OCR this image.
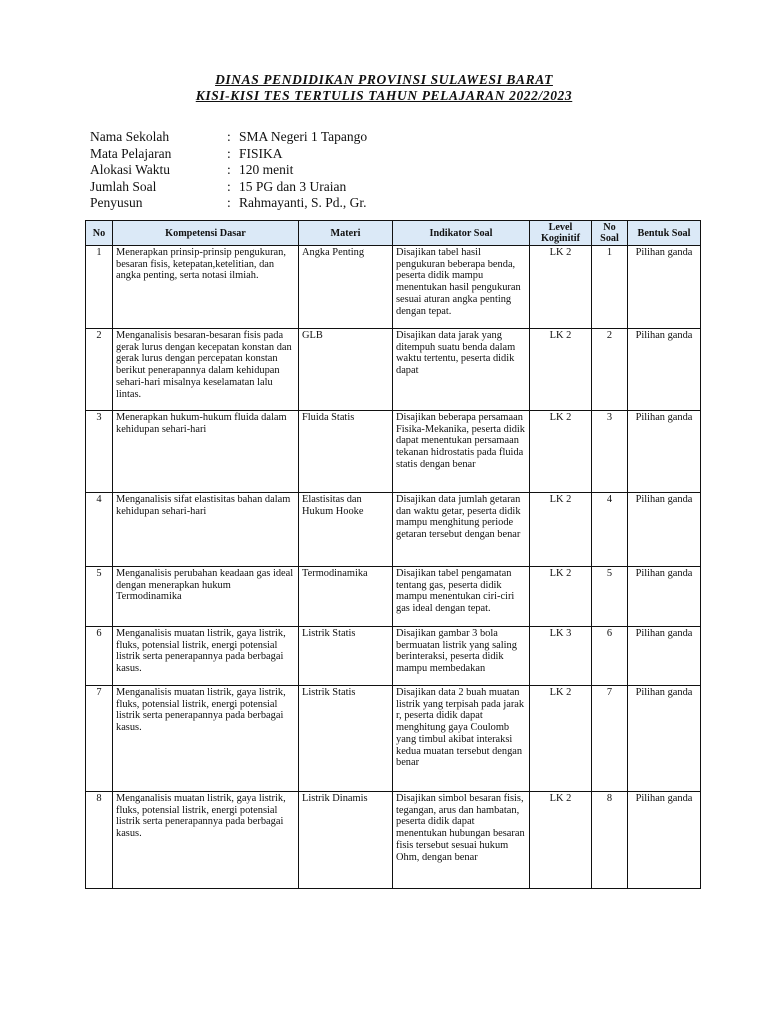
DINAS PENDIDIKAN PROVINSI SULAWESI BARAT
KISI-KISI TES TERTULIS TAHUN PELAJARAN 2022/2023
Nama Sekolah	: SMA Negeri 1 Tapango
Mata Pelajaran	: FISIKA
Alokasi Waktu	: 120 menit
Jumlah Soal	: 15 PG dan 3 Uraian
Penyusun	: Rahmayanti, S. Pd., Gr.
No	Kompetensi Dasar	Materi	Indikator Soal	Level Koginitif	No Soal	Bentuk Soal
1	Menerapkan prinsip-prinsip pengukuran, besaran fisis, ketepatan,ketelitian, dan angka penting, serta notasi ilmiah.	Angka Penting	Disajikan tabel hasil pengukuran beberapa benda, peserta didik mampu menentukan hasil pengukuran sesuai aturan angka penting dengan tepat.	LK 2	1	Pilihan ganda
2	Menganalisis besaran-besaran fisis pada gerak lurus dengan kecepatan konstan dan gerak lurus dengan percepatan konstan berikut penerapannya dalam kehidupan sehari-hari misalnya keselamatan lalu lintas.	GLB	Disajikan data jarak yang ditempuh suatu benda dalam waktu tertentu, peserta didik dapat	LK 2	2	Pilihan ganda
3	Menerapkan hukum-hukum fluida dalam kehidupan sehari-hari	Fluida Statis	Disajikan beberapa persamaan Fisika-Mekanika, peserta didik dapat menentukan persamaan tekanan hidrostatis pada fluida statis dengan benar	LK 2	3	Pilihan ganda
4	Menganalisis sifat elastisitas bahan dalam kehidupan sehari-hari	Elastisitas dan Hukum Hooke	Disajikan data jumlah getaran dan waktu getar, peserta didik mampu menghitung periode getaran tersebut dengan benar	LK 2	4	Pilihan ganda
5	Menganalisis perubahan keadaan gas ideal dengan menerapkan hukum Termodinamika	Termodinamika	Disajikan tabel pengamatan tentang gas, peserta didik mampu menentukan ciri-ciri gas ideal dengan tepat.	LK 2	5	Pilihan ganda
6	Menganalisis muatan listrik, gaya listrik, fluks, potensial listrik, energi potensial listrik serta penerapannya pada berbagai kasus.	Listrik Statis	Disajikan gambar 3 bola bermuatan listrik yang saling berinteraksi, peserta didik mampu membedakan	LK 3	6	Pilihan ganda
7	Menganalisis muatan listrik, gaya listrik, fluks, potensial listrik, energi potensial listrik serta penerapannya pada berbagai kasus.	Listrik Statis	Disajikan data 2 buah muatan listrik yang terpisah pada jarak r, peserta didik dapat menghitung gaya Coulomb yang timbul akibat interaksi kedua muatan tersebut dengan benar	LK 2	7	Pilihan ganda
8	Menganalisis muatan listrik, gaya listrik, fluks, potensial listrik, energi potensial listrik serta penerapannya pada berbagai kasus.	Listrik Dinamis	Disajikan simbol besaran fisis, tegangan, arus dan hambatan, peserta didik dapat menentukan hubungan besaran fisis tersebut sesuai hukum Ohm, dengan benar	LK 2	8	Pilihan ganda
